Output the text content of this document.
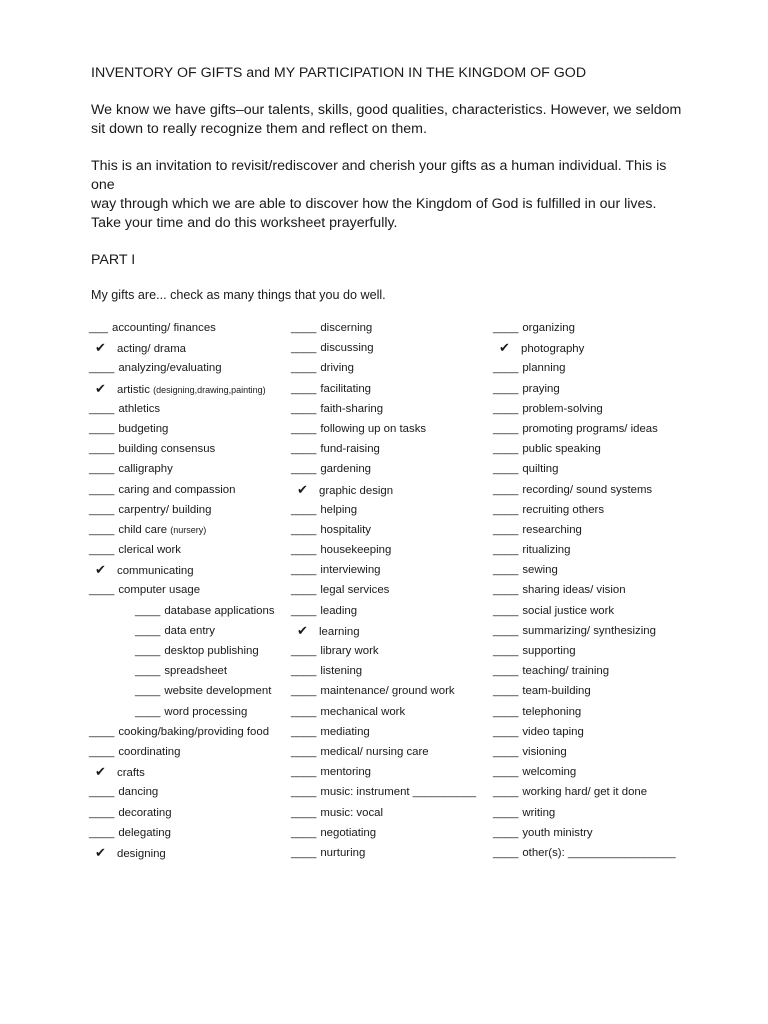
INVENTORY OF GIFTS and MY PARTICIPATION IN THE KINGDOM OF GOD

We know we have gifts–our talents, skills, good qualities, characteristics. However, we seldom
sit down to really recognize them and reflect on them.

This is an invitation to revisit/rediscover and cherish your gifts as a human individual. This is one
way through which we are able to discover how the Kingdom of God is fulfilled in our lives.

Take your time and do this worksheet prayerfully.

PART I

My gifts are... check as many things that you do well.

___ accounting/ finances
✔ acting/ drama
____ analyzing/evaluating
✔ artistic (designing,drawing,painting)
____ athletics
____ budgeting
____ building consensus
____ calligraphy
____ caring and compassion
____ carpentry/ building
____ child care (nursery)
____ clerical work
✔ communicating
____ computer usage
____ database applications
____ data entry
____ desktop publishing
____ spreadsheet
____ website development
____ word processing
____ cooking/baking/providing food
____ coordinating
✔ crafts
____ dancing
____ decorating
____ delegating
✔ designing
____ discerning
____ discussing
____ driving
____ facilitating
____ faith-sharing
____ following up on tasks
____ fund-raising
____ gardening
✔ graphic design
____ helping
____ hospitality
____ housekeeping
____ interviewing
____ legal services
____ leading
✔ learning
____ library work
____ listening
____ maintenance/ ground work
____ mechanical work
____ mediating
____ medical/ nursing care
____ mentoring
____ music: instrument __________
____ music: vocal
____ negotiating
____ nurturing
____ organizing
✔ photography
____ planning
____ praying
____ problem-solving
____ promoting programs/ ideas
____ public speaking
____ quilting
____ recording/ sound systems
____ recruiting others
____ researching
____ ritualizing
____ sewing
____ sharing ideas/ vision
____ social justice work
____ summarizing/ synthesizing
____ supporting
____ teaching/ training
____ team-building
____ telephoning
____ video taping
____ visioning
____ welcoming
____ working hard/ get it done
____ writing
____ youth ministry
____ other(s): _________________
